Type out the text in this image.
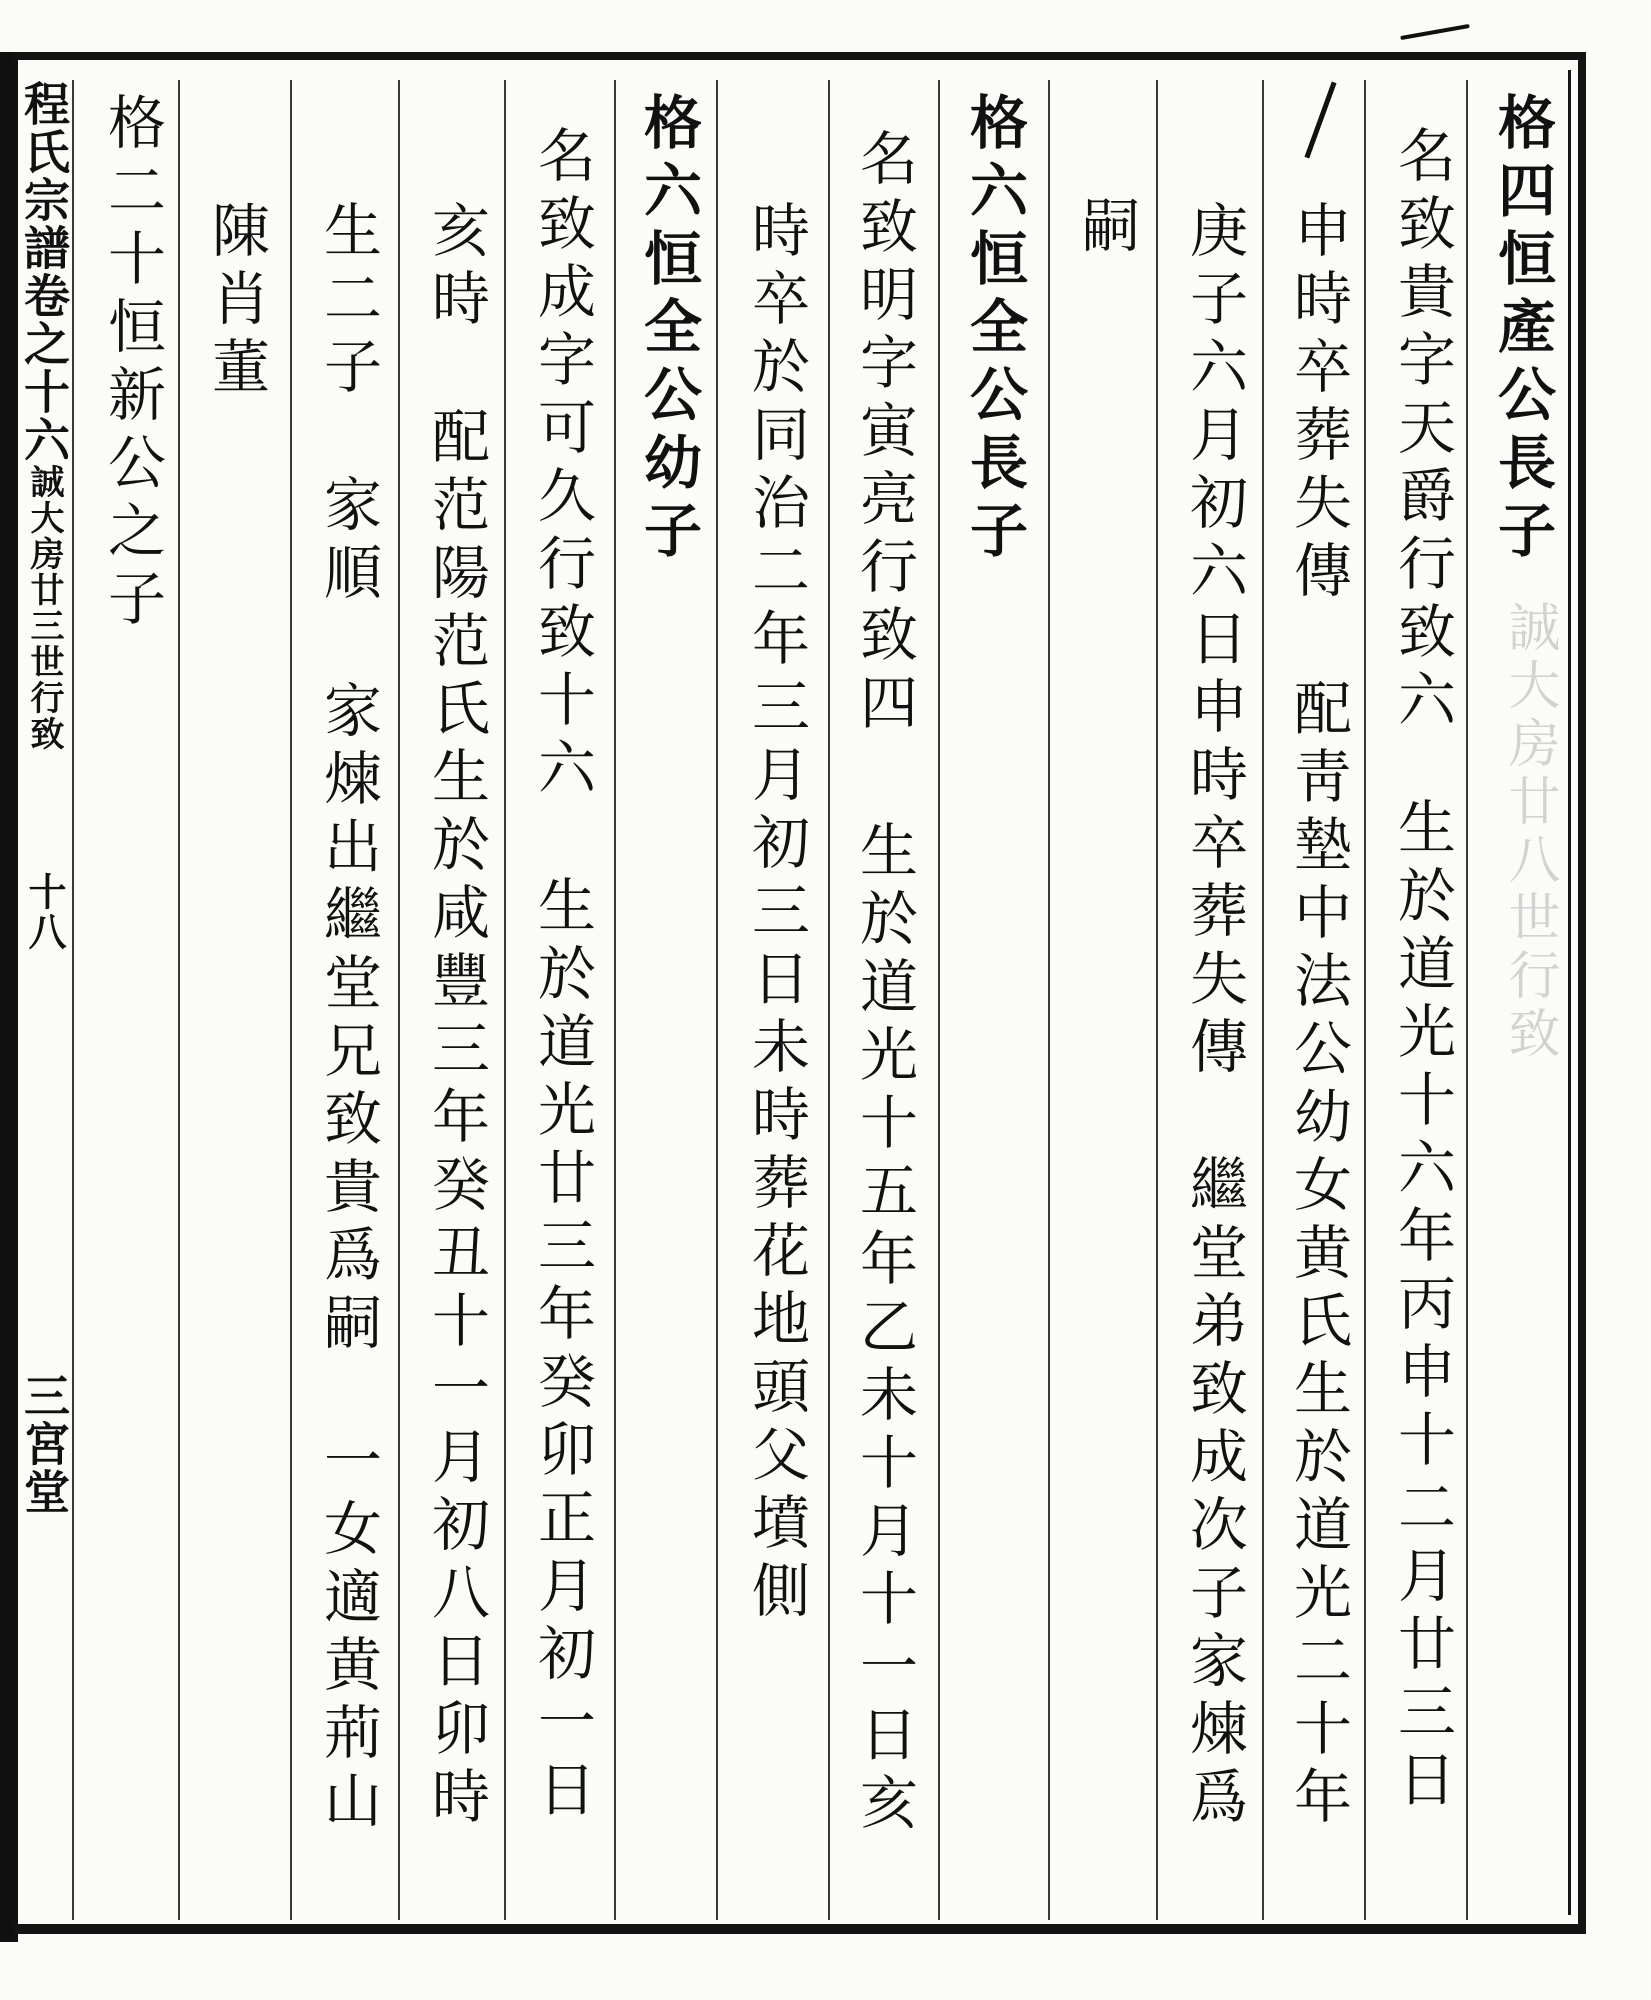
誠大房廿八世行致
程氏宗譜卷之十六誠大房廿三世行致十八三宮堂
格四恒產公長子
名致貴字天爵行致六生於道光十六年丙申十二月廿三日
申時卒葬失傳配靑墊中法公幼女黄氏生於道光二十年
庚子六月初六日申時卒葬失傳繼堂弟致成次子家煉爲
嗣
格六恒全公長子
名致明字寅亮行致四生於道光十五年乙未十月十一日亥
時卒於同治二年三月初三日未時葬花地頭父墳側
格六恒全公幼子
名致成字可久行致十六生於道光廿三年癸卯正月初一日
亥時配范陽范氏生於咸豐三年癸丑十一月初八日卯時
生二子家順家煉出繼堂兄致貴爲嗣一女適黄荊山
陳肖董
格二十恒新公之子
